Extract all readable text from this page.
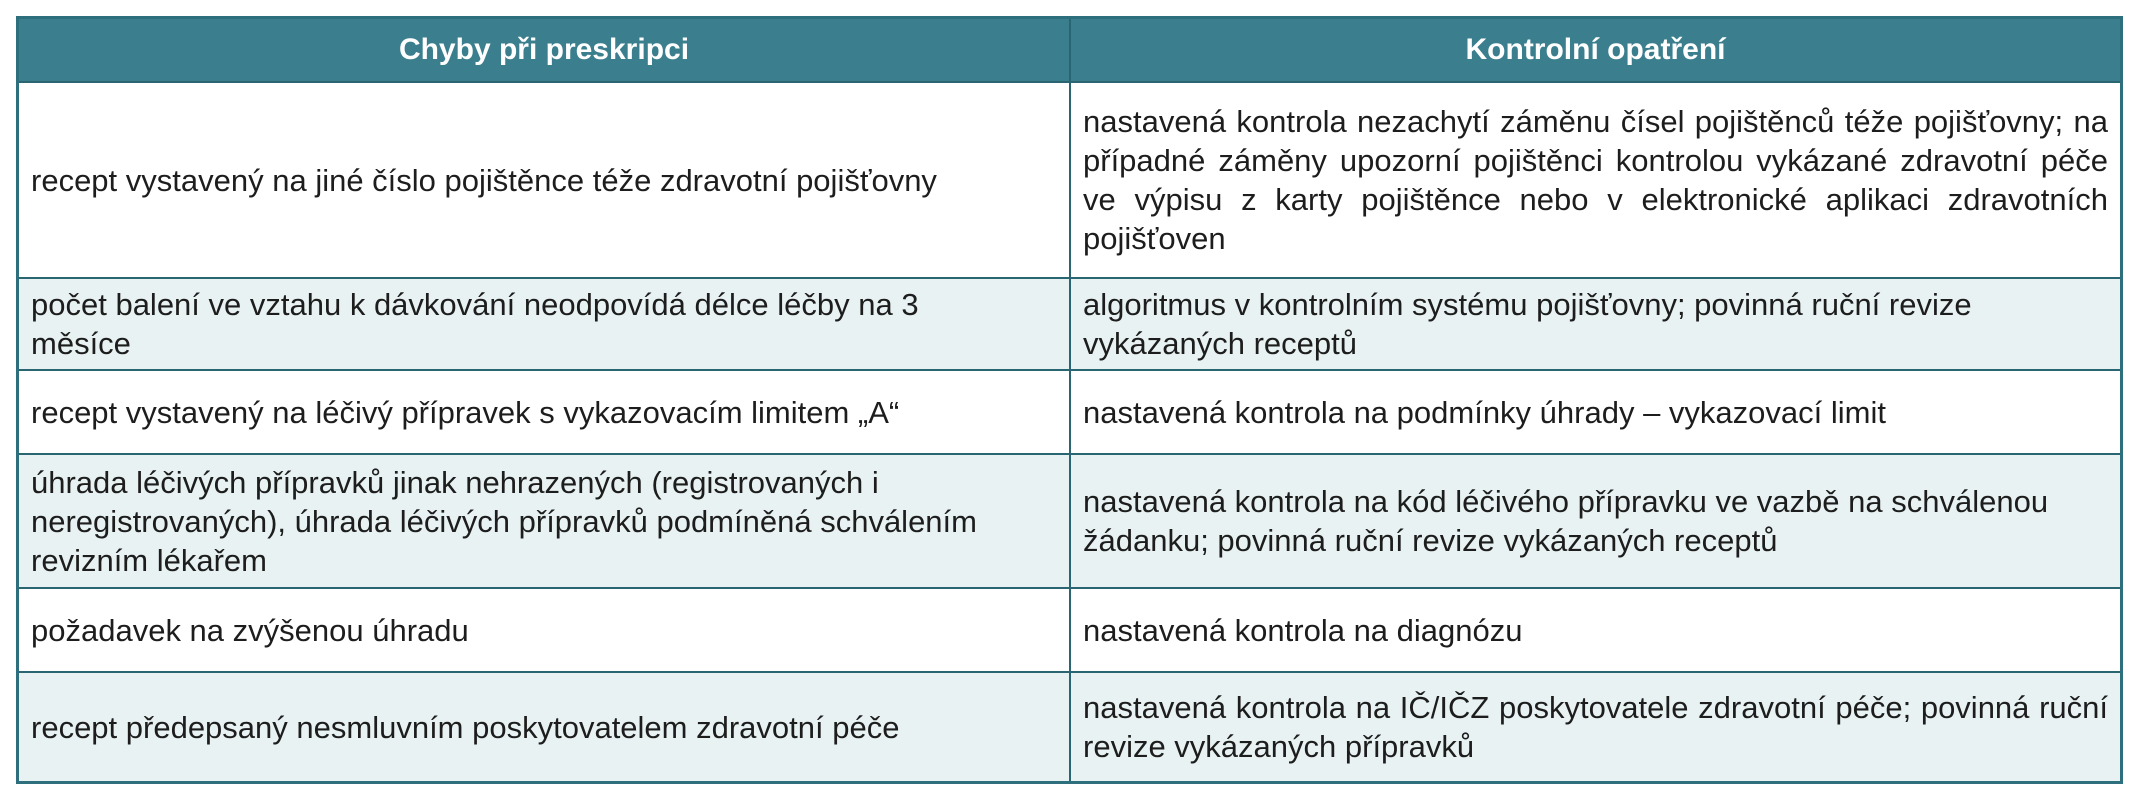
Chyby při preskripci	Kontrolní opatření
recept vystavený na jiné číslo pojištěnce téže zdravotní pojišťovny	nastavená kontrola nezachytí záměnu čísel pojištěnců téže pojišťovny; na případné záměny upozorní pojištěnci kontrolou vykázané zdravotní péče ve výpisu z karty pojištěnce nebo v elektronické aplikaci zdravotních pojišťoven
počet balení ve vztahu k dávkování neodpovídá délce léčby na 3 měsíce	algoritmus v kontrolním systému pojišťovny; povinná ruční revize vykázaných receptů
recept vystavený na léčivý přípravek s vykazovacím limitem „A“	nastavená kontrola na podmínky úhrady – vykazovací limit
úhrada léčivých přípravků jinak nehrazených (registrovaných i neregistrovaných), úhrada léčivých přípravků podmíněná schválením revizním lékařem	nastavená kontrola na kód léčivého přípravku ve vazbě na schválenou žádanku; povinná ruční revize vykázaných receptů
požadavek na zvýšenou úhradu	nastavená kontrola na diagnózu
recept předepsaný nesmluvním poskytovatelem zdravotní péče	nastavená kontrola na IČ/IČZ poskytovatele zdravotní péče; povinná ruční revize vykázaných přípravků
